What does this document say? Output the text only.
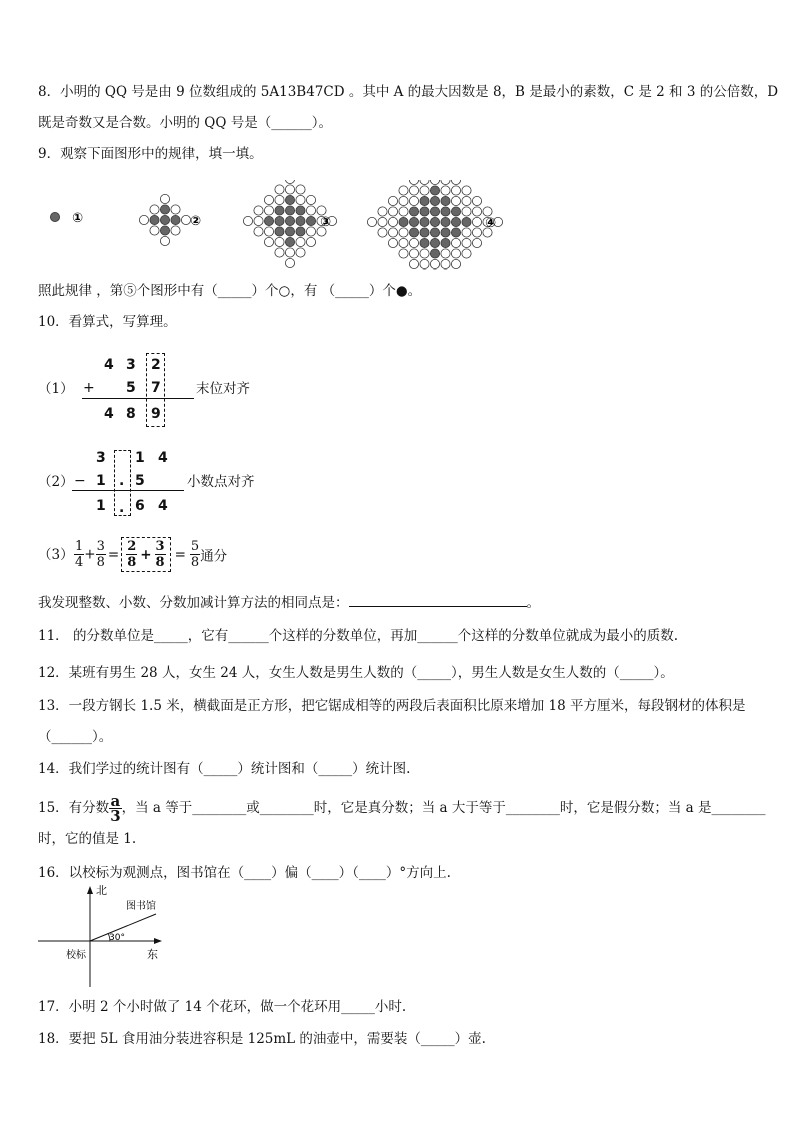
8．小明的 QQ 号是由 9 位数组成的 5A13B47CD 。其中 A 的最大因数是 8，B 是最小的素数，C 是 2 和 3 的公倍数，D
既是奇数又是合数。小明的 QQ 号是（______）。
9．观察下面图形中的规律，填一填。
①	②	③	④
照此规律 ，第⑤个图形中有（_____）个○，有 （_____）个●。
10．看算式，写算理。
（1）
4 3 2
+ 5 7
4 8 9
末位对齐
（2）
3 1 4
− 1 . 5
1 6 4
.
小数点对齐
$(3) \frac{1}{4} + \frac{3}{8} = \frac{2}{8} + \frac{3}{8} = \frac{5}{8}$ 通分
我发现整数、小数、分数加减计算方法的相同点是：	。
11． 的分数单位是_____，它有______个这样的分数单位，再加______个这样的分数单位就成为最小的质数.
12．某班有男生 28 人，女生 24 人，女生人数是男生人数的（_____），男生人数是女生人数的（_____）。
13．一段方钢长 1.5 米，横截面是正方形，把它锯成相等的两段后表面积比原来增加 18 平方厘米，每段钢材的体积是
（______）。
14．我们学过的统计图有（_____）统计图和（_____）统计图.
15．有分数 $\frac{a}{3}$ ，当 a 等于________或________时，它是真分数；当 a 大于等于________时，它是假分数；当 a 是________
时，它的值是 1.
16．以校标为观测点，图书馆在（____）偏（____）（____）°方向上.
北
东
校标
图书馆
30°
17．小明 2 个小时做了 14 个花环，做一个花环用_____小时.
18．要把 5L 食用油分装进容积是 125mL 的油壶中，需要装（_____）壶.
